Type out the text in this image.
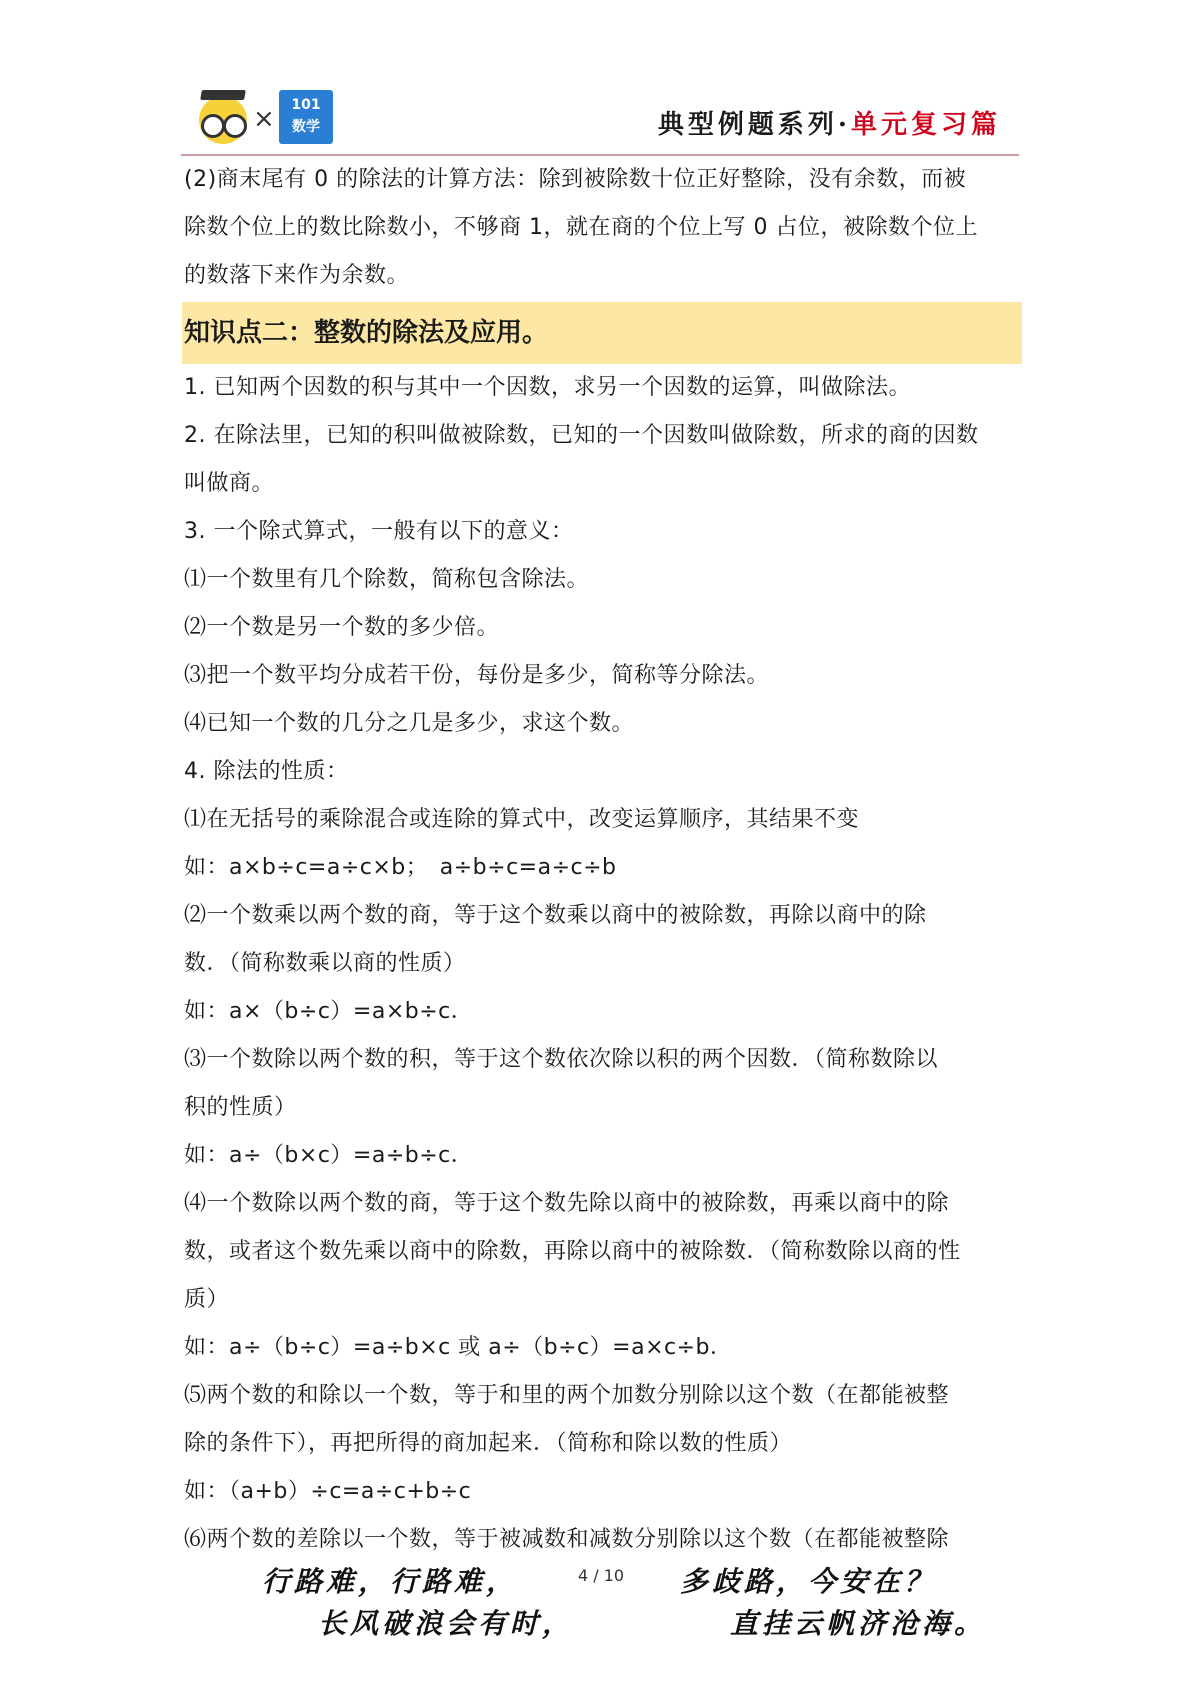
×	101
数学	典型例题系列·单元复习篇
(2)商末尾有 0 的除法的计算方法：除到被除数十位正好整除，没有余数，而被
除数个位上的数比除数小，不够商 1，就在商的个位上写 0 占位，被除数个位上
的数落下来作为余数。
知识点二：整数的除法及应用。
1. 已知两个因数的积与其中一个因数，求另一个因数的运算，叫做除法。
2. 在除法里，已知的积叫做被除数，已知的一个因数叫做除数，所求的商的因数
叫做商。
3. 一个除式算式，一般有以下的意义：
⑴一个数里有几个除数，简称包含除法。
⑵一个数是另一个数的多少倍。
⑶把一个数平均分成若干份，每份是多少，简称等分除法。
⑷已知一个数的几分之几是多少，求这个数。
4. 除法的性质：
⑴在无括号的乘除混合或连除的算式中，改变运算顺序，其结果不变
如：a×b÷c=a÷c×b；　a÷b÷c=a÷c÷b
⑵一个数乘以两个数的商，等于这个数乘以商中的被除数，再除以商中的除
数．（简称数乘以商的性质）
如：a×（b÷c）=a×b÷c．
⑶一个数除以两个数的积，等于这个数依次除以积的两个因数．（简称数除以
积的性质）
如：a÷（b×c）=a÷b÷c．
⑷一个数除以两个数的商，等于这个数先除以商中的被除数，再乘以商中的除
数，或者这个数先乘以商中的除数，再除以商中的被除数．（简称数除以商的性
质）
如：a÷（b÷c）=a÷b×c 或 a÷（b÷c）=a×c÷b．
⑸两个数的和除以一个数，等于和里的两个加数分别除以这个数（在都能被整
除的条件下），再把所得的商加起来．（简称和除以数的性质）
如：（a+b）÷c=a÷c+b÷c
⑹两个数的差除以一个数，等于被减数和减数分别除以这个数（在都能被整除
行路难，行路难，
长风破浪会有时，
4 / 10 多歧路，今安在？
直挂云帆济沧海。
